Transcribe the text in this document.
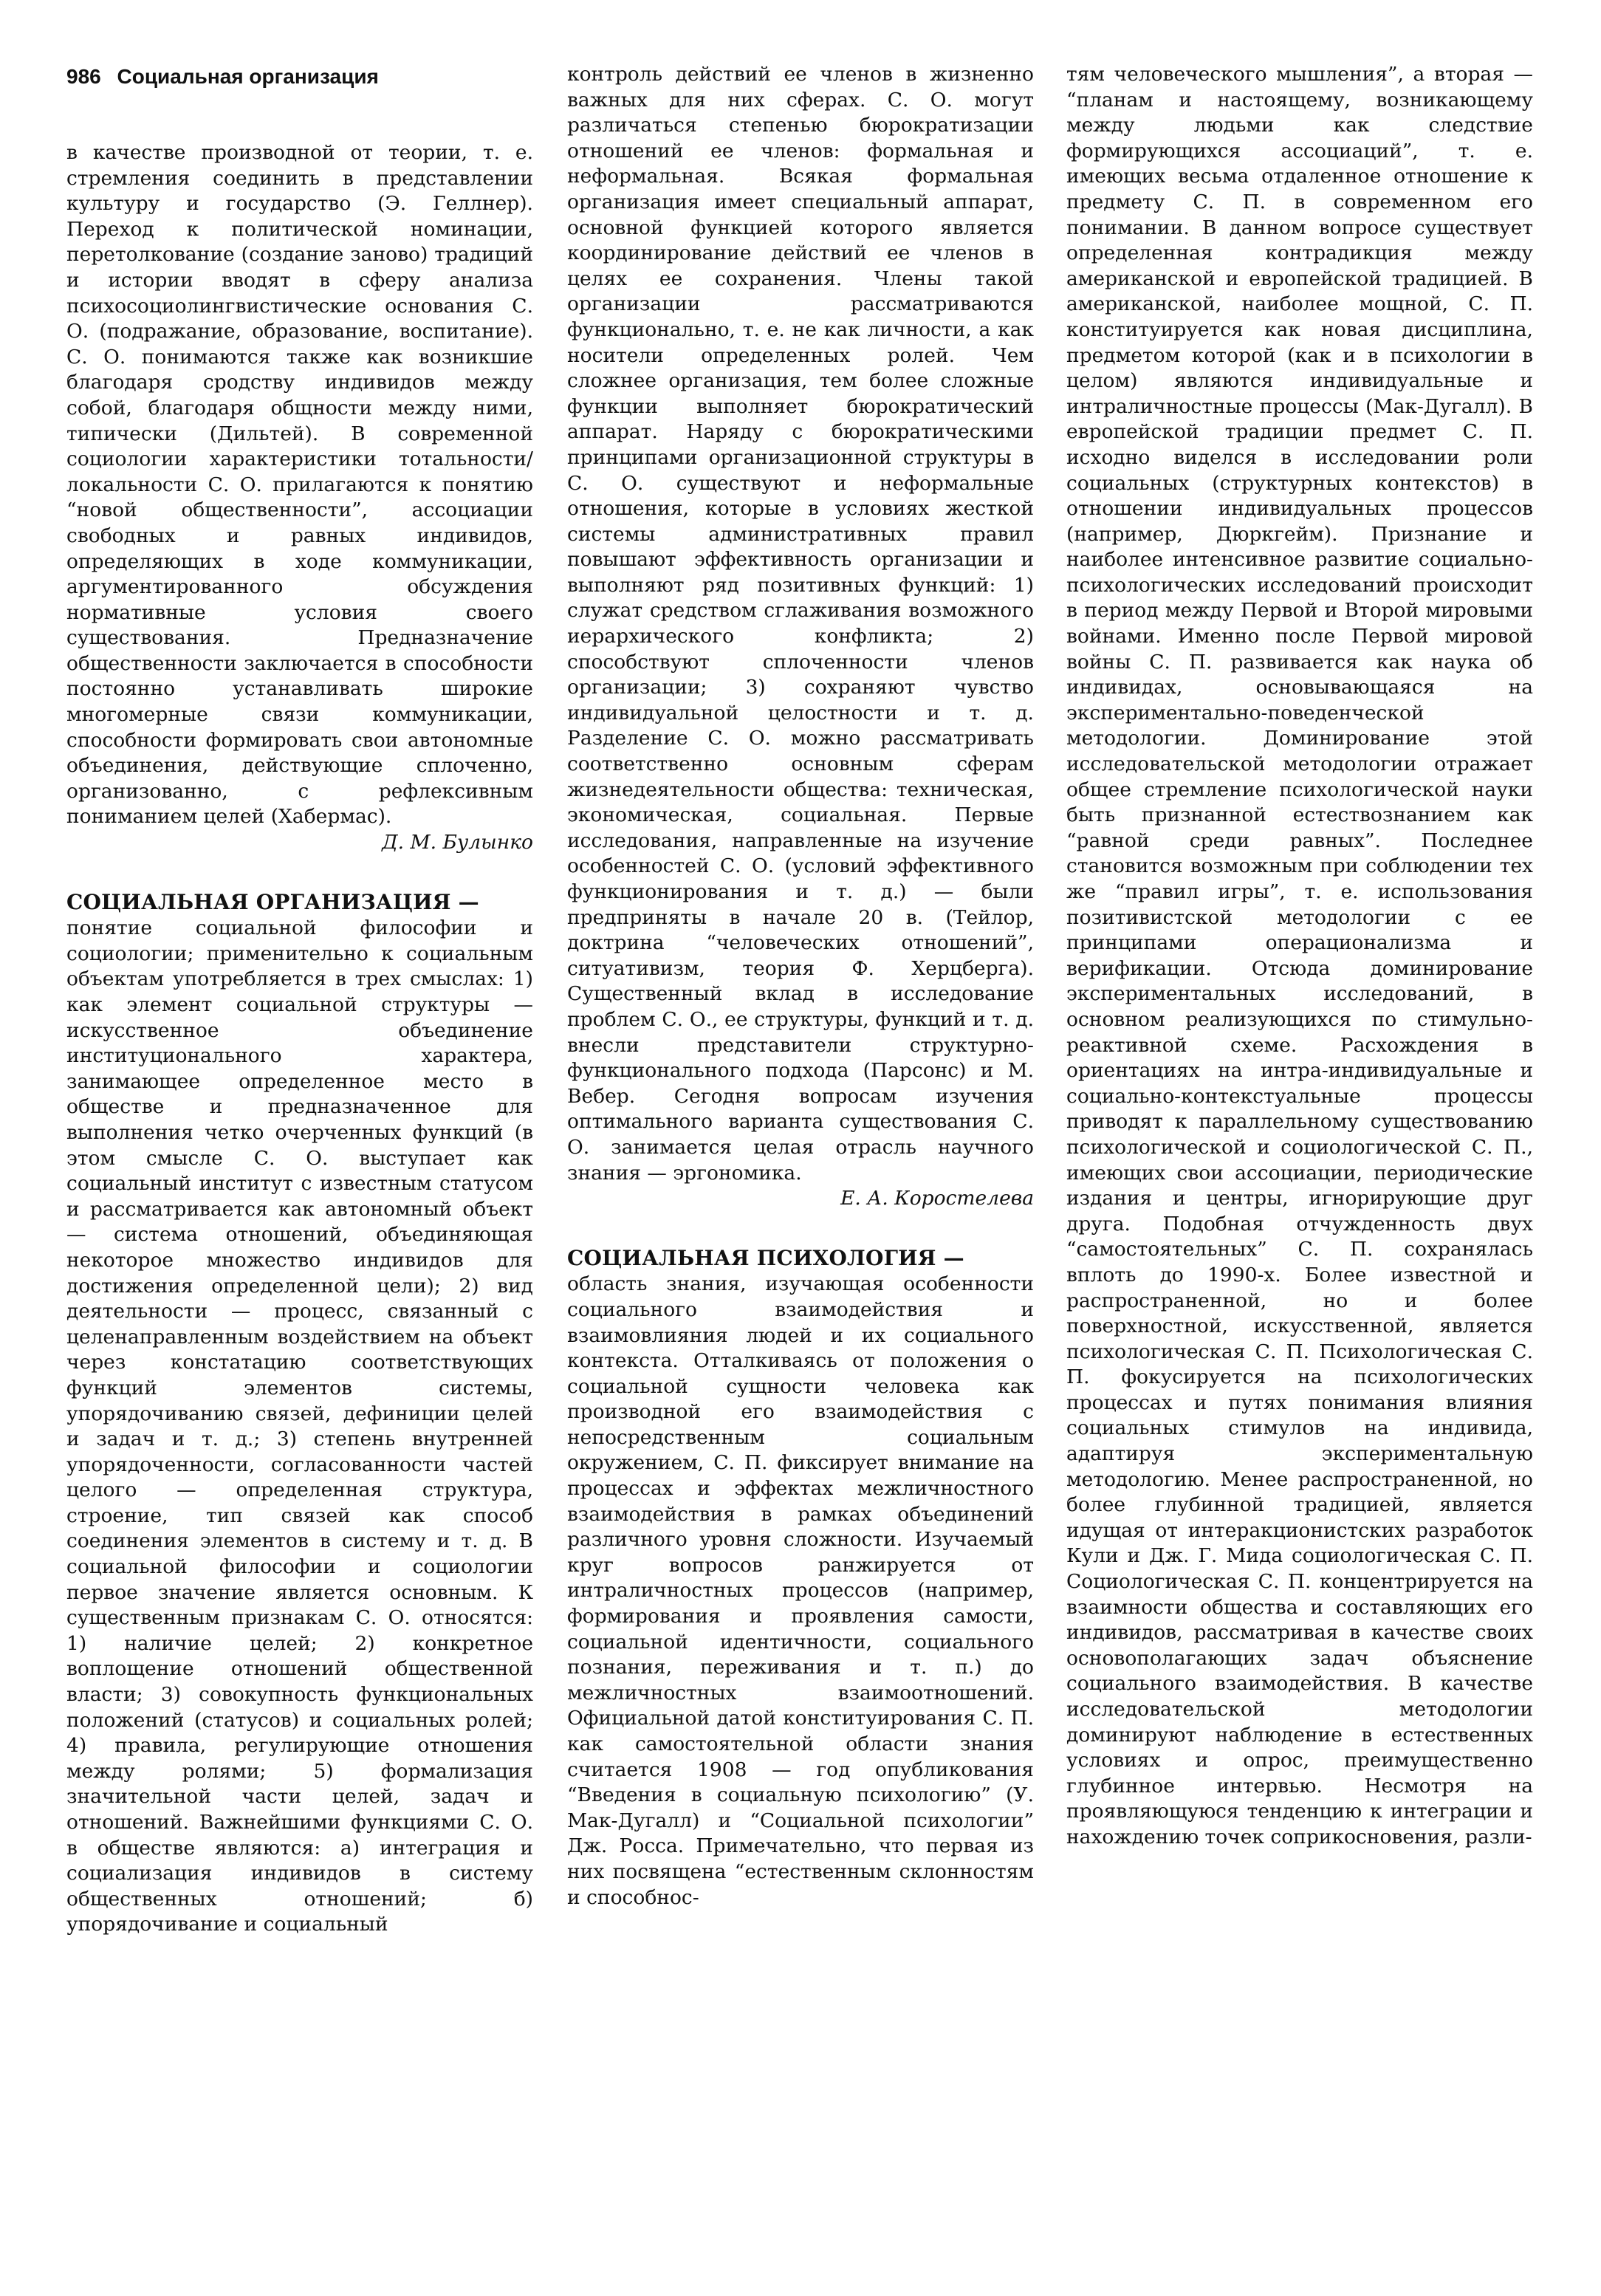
986 Социальная организация

в качестве производной от теории, т. е. стремления соединить в представлении культуру и государство (Э. Геллнер). Переход к политической номинации, перетолкование (создание заново) традиций и истории вводят в сферу анализа психосоциолингвистические основания С. О. (подражание, образование, воспитание). С. О. понимаются также как возникшие благодаря сродству индивидов между собой, благодаря общности между ними, типически (Дильтей). В современной социологии характеристики тотальности/локальности С. О. прилагаются к понятию “новой общественности”, ассоциации свободных и равных индивидов, определяющих в ходе коммуникации, аргументированного обсуждения нормативные условия своего существования. Предназначение общественности заключается в способности постоянно устанавливать широкие многомерные связи коммуникации, способности формировать свои автономные объединения, действующие сплоченно, организованно, с рефлексивным пониманием целей (Хабермас).

Д. М. Булынко

СОЦИАЛЬНАЯ ОРГАНИЗАЦИЯ —
понятие социальной философии и социологии; применительно к социальным объектам употребляется в трех смыслах: 1) как элемент социальной структуры — искусственное объединение институционального характера, занимающее определенное место в обществе и предназначенное для выполнения четко очерченных функций (в этом смысле С. О. выступает как социальный институт с известным статусом и рассматривается как автономный объект — система отношений, объединяющая некоторое множество индивидов для достижения определенной цели); 2) вид деятельности — процесс, связанный с целенаправленным воздействием на объект через констатацию соответствующих функций элементов системы, упорядочиванию связей, дефиниции целей и задач и т. д.; 3) степень внутренней упорядоченности, согласованности частей целого — определенная структура, строение, тип связей как способ соединения элементов в систему и т. д. В социальной философии и социологии первое значение является основным. К существенным признакам С. О. относятся: 1) наличие целей; 2) конкретное воплощение отношений общественной власти; 3) совокупность функциональных положений (статусов) и социальных ролей; 4) правила, регулирующие отношения между ролями; 5) формализация значительной части целей, задач и отношений. Важнейшими функциями С. О. в обществе являются: а) интеграция и социализация индивидов в систему общественных отношений; б) упорядочивание и социальный

контроль действий ее членов в жизненно важных для них сферах. С. О. могут различаться степенью бюрократизации отношений ее членов: формальная и неформальная. Всякая формальная организация имеет специальный аппарат, основной функцией которого является координирование действий ее членов в целях ее сохранения. Члены такой организации рассматриваются функционально, т. е. не как личности, а как носители определенных ролей. Чем сложнее организация, тем более сложные функции выполняет бюрократический аппарат. Наряду с бюрократическими принципами организационной структуры в С. О. существуют и неформальные отношения, которые в условиях жесткой системы административных правил повышают эффективность организации и выполняют ряд позитивных функций: 1) служат средством сглаживания возможного иерархического конфликта; 2) способствуют сплоченности членов организации; 3) сохраняют чувство индивидуальной целостности и т. д. Разделение С. О. можно рассматривать соответственно основным сферам жизнедеятельности общества: техническая, экономическая, социальная. Первые исследования, направленные на изучение особенностей С. О. (условий эффективного функционирования и т. д.) — были предприняты в начале 20 в. (Тейлор, доктрина “человеческих отношений”, ситуативизм, теория Ф. Херцберга). Существенный вклад в исследование проблем С. О., ее структуры, функций и т. д. внесли представители структурно-функционального подхода (Парсонс) и М. Вебер. Сегодня вопросам изучения оптимального варианта существования С. О. занимается целая отрасль научного знания — эргономика.

Е. А. Коростелева

СОЦИАЛЬНАЯ ПСИХОЛОГИЯ —
область знания, изучающая особенности социального взаимодействия и взаимовлияния людей и их социального контекста. Отталкиваясь от положения о социальной сущности человека как производной его взаимодействия с непосредственным социальным окружением, С. П. фиксирует внимание на процессах и эффектах межличностного взаимодействия в рамках объединений различного уровня сложности. Изучаемый круг вопросов ранжируется от интраличностных процессов (например, формирования и проявления самости, социальной идентичности, социального познания, переживания и т. п.) до межличностных взаимоотношений. Официальной датой конституирования С. П. как самостоятельной области знания считается 1908 — год опубликования “Введения в социальную психологию” (У. Мак-Дугалл) и “Социальной психологии” Дж. Росса. Примечательно, что первая из них посвящена “естественным склонностям и способнос-

тям человеческого мышления”, а вторая — “планам и настоящему, возникающему между людьми как следствие формирующихся ассоциаций”, т. е. имеющих весьма отдаленное отношение к предмету С. П. в современном его понимании. В данном вопросе существует определенная контрадикция между американской и европейской традицией. В американской, наиболее мощной, С. П. конституируется как новая дисциплина, предметом которой (как и в психологии в целом) являются индивидуальные и интраличностные процессы (Мак-Дугалл). В европейской традиции предмет С. П. исходно виделся в исследовании роли социальных (структурных контекстов) в отношении индивидуальных процессов (например, Дюркгейм). Признание и наиболее интенсивное развитие социально-психологических исследований происходит в период между Первой и Второй мировыми войнами. Именно после Первой мировой войны С. П. развивается как наука об индивидах, основывающаяся на экспериментально-поведенческой методологии. Доминирование этой исследовательской методологии отражает общее стремление психологической науки быть признанной естествознанием как “равной среди равных”. Последнее становится возможным при соблюдении тех же “правил игры”, т. е. использования позитивистской методологии с ее принципами операционализма и верификации. Отсюда доминирование экспериментальных исследований, в основном реализующихся по стимульно-реактивной схеме. Расхождения в ориентациях на интра-индивидуальные и социально-контекстуальные процессы приводят к параллельному существованию психологической и социологической С. П., имеющих свои ассоциации, периодические издания и центры, игнорирующие друг друга. Подобная отчужденность двух “самостоятельных” С. П. сохранялась вплоть до 1990-х. Более известной и распространенной, но и более поверхностной, искусственной, является психологическая С. П. Психологическая С. П. фокусируется на психологических процессах и путях понимания влияния социальных стимулов на индивида, адаптируя экспериментальную методологию. Менее распространенной, но более глубинной традицией, является идущая от интеракционистских разработок Кули и Дж. Г. Мида социологическая С. П. Социологическая С. П. концентрируется на взаимности общества и составляющих его индивидов, рассматривая в качестве своих основополагающих задач объяснение социального взаимодействия. В качестве исследовательской методологии доминируют наблюдение в естественных условиях и опрос, преимущественно глубинное интервью. Несмотря на проявляющуюся тенденцию к интеграции и нахождению точек соприкосновения, разли-
